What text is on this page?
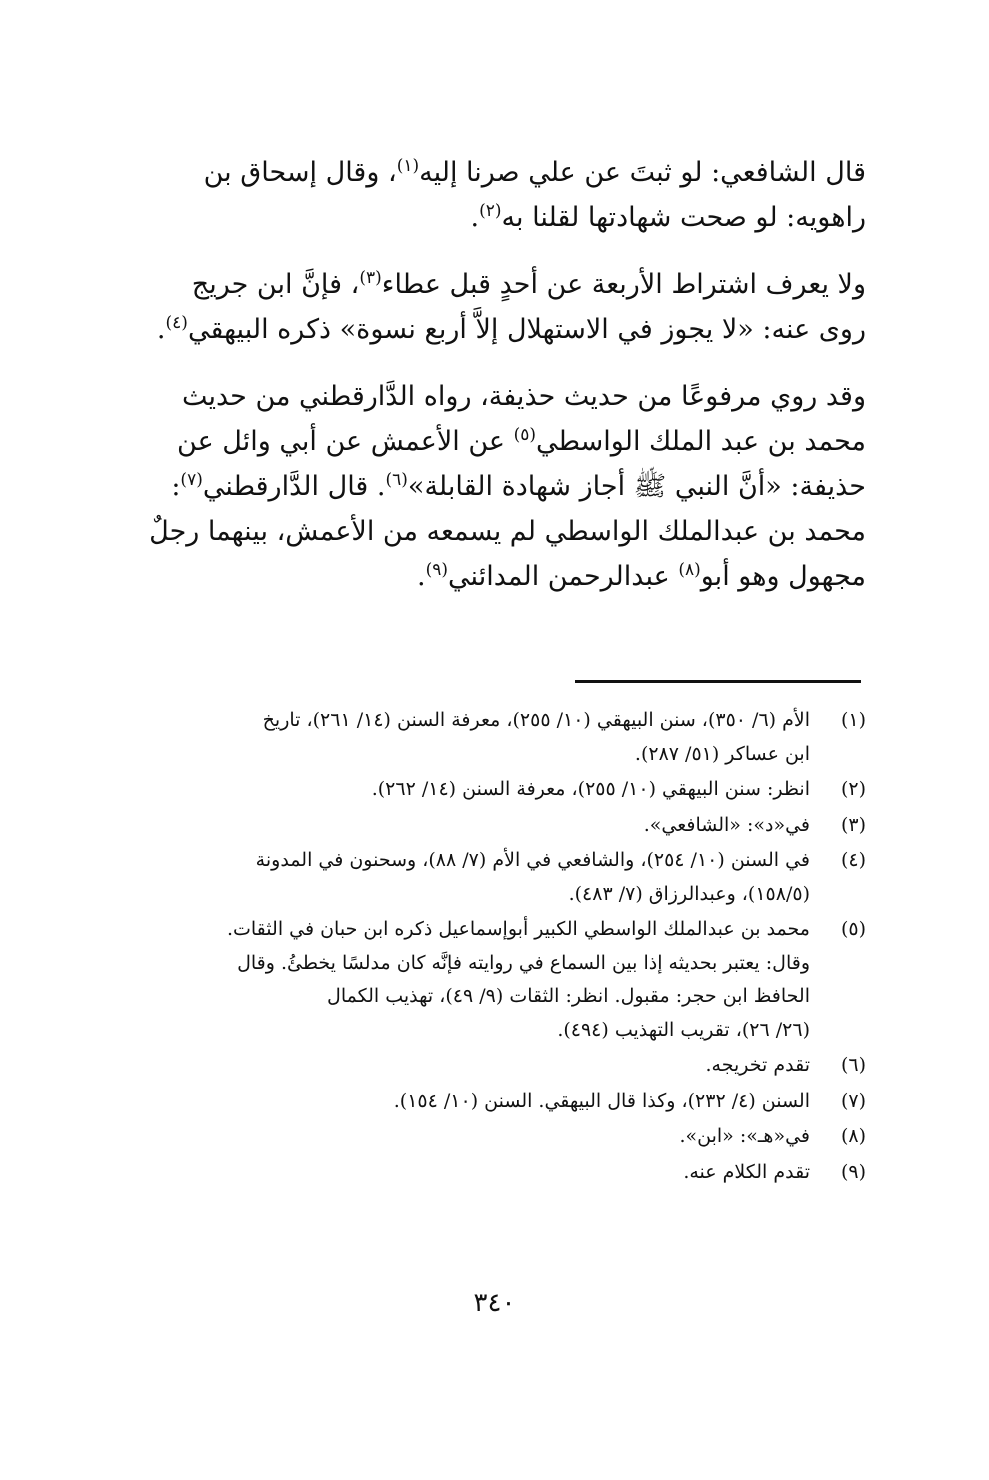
قال الشافعي: لو ثبتَ عن علي صرنا إليه$^{(١)}$، وقال إسحاق بن
راهويه: لو صحت شهادتها لقلنا به$^{(٢)}$.
ولا يعرف اشتراط الأربعة عن أحدٍ قبل عطاء$^{(٣)}$، فإنَّ ابن جريج
روى عنه: «لا يجوز في الاستهلال إلاَّ أربع نسوة» ذكره البيهقي$^{(٤)}$.
وقد روي مرفوعًا من حديث حذيفة، رواه الدَّارقطني من حديث
محمد بن عبد الملك الواسطي$^{(٥)}$ عن الأعمش عن أبي وائل عن
حذيفة: «أنَّ النبي ﷺ أجاز شهادة القابلة»$^{(٦)}$. قال الدَّارقطني$^{(٧)}$:
محمد بن عبدالملك الواسطي لم يسمعه من الأعمش، بينهما رجلٌ
مجهول وهو أبو$^{(٨)}$ عبدالرحمن المدائني$^{(٩)}$.
(١)
الأم (٦/ ٣٥٠)، سنن البيهقي (١٠/ ٢٥٥)، معرفة السنن (١٤/ ٢٦١)، تاريخ
ابن عساكر (٥١/ ٢٨٧).
(٢)
انظر: سنن البيهقي (١٠/ ٢٥٥)، معرفة السنن (١٤/ ٢٦٢).
(٣)
في«د»: «الشافعي».
(٤)
في السنن (١٠/ ٢٥٤)، والشافعي في الأم (٧/ ٨٨)، وسحنون في المدونة
(١٥٨/٥)، وعبدالرزاق (٧/ ٤٨٣).
(٥)
محمد بن عبدالملك الواسطي الكبير أبوإسماعيل ذكره ابن حبان في الثقات.
وقال: يعتبر بحديثه إذا بين السماع في روايته فإنَّه كان مدلسًا يخطئُ. وقال
الحافظ ابن حجر: مقبول. انظر: الثقات (٩/ ٤٩)، تهذيب الكمال
(٢٦/ ٢٦)، تقريب التهذيب (٤٩٤).
(٦)
تقدم تخريجه.
(٧)
السنن (٤/ ٢٣٢)، وكذا قال البيهقي. السنن (١٠/ ١٥٤).
(٨)
في«هـ»: «ابن».
(٩)
تقدم الكلام عنه.
٣٤٠
